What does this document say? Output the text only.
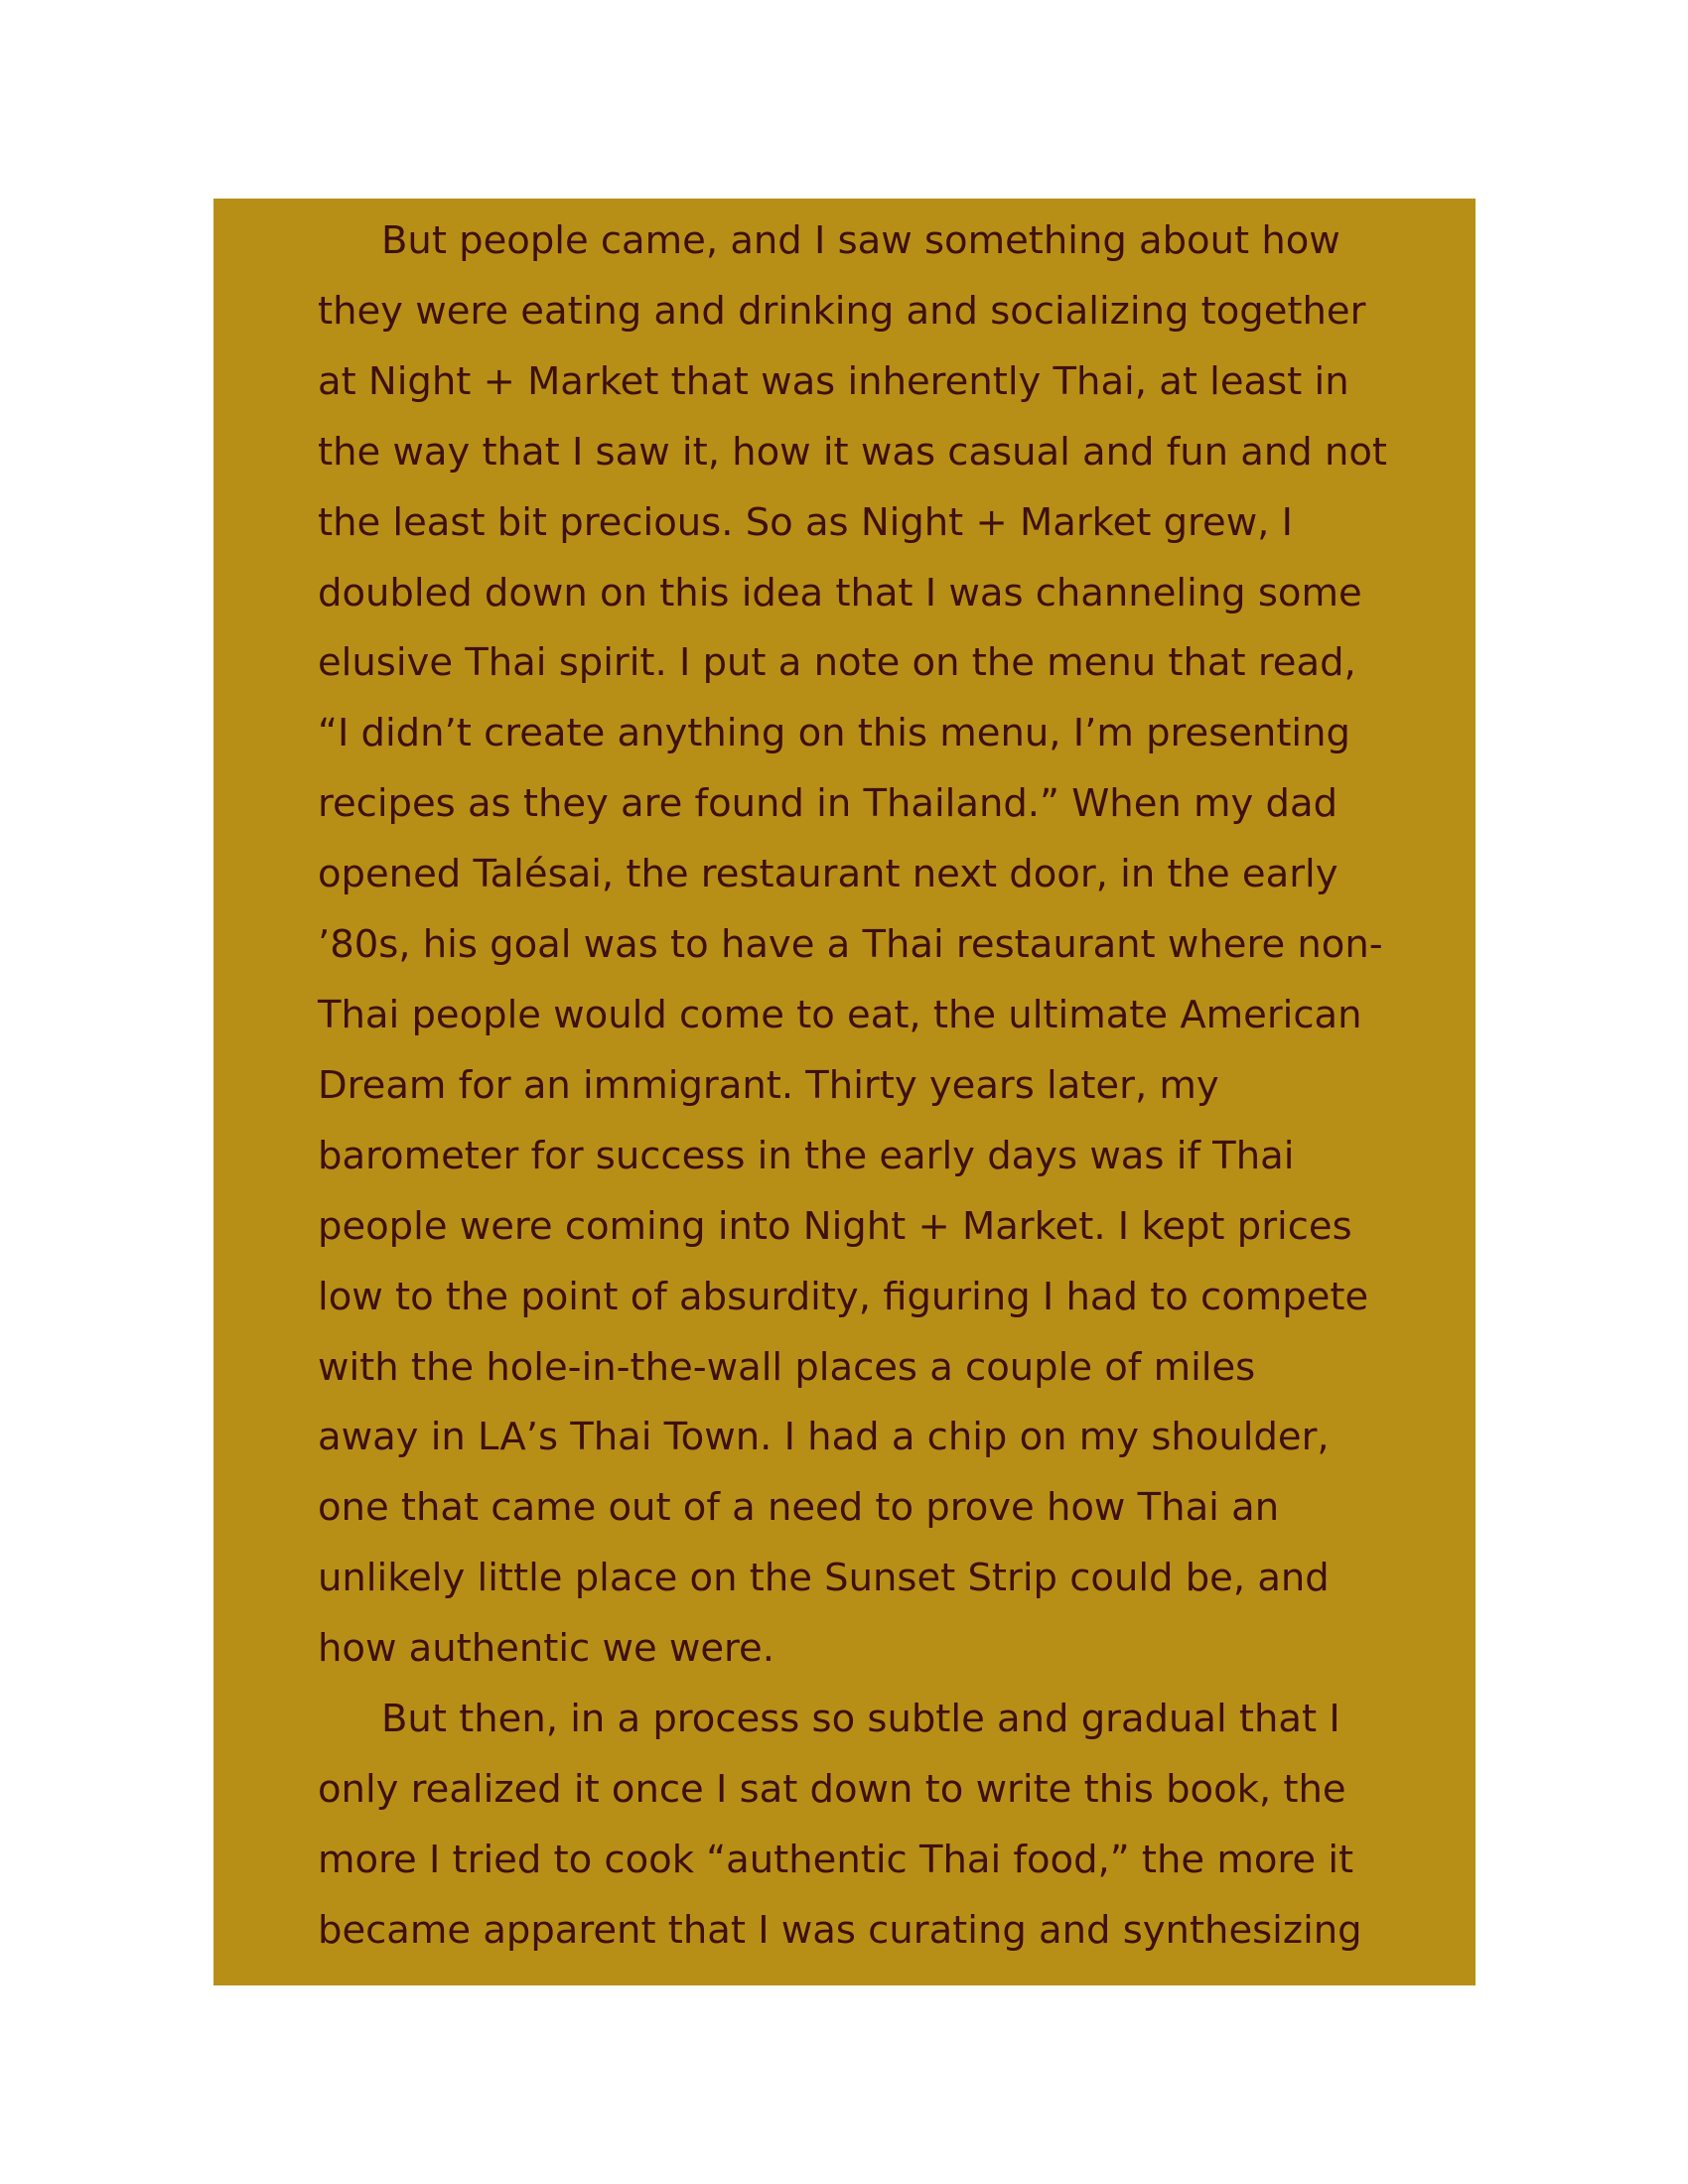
But people came, and I saw something about how
they were eating and drinking and socializing together
at Night + Market that was inherently Thai, at least in
the way that I saw it, how it was casual and fun and not
the least bit precious. So as Night + Market grew, I
doubled down on this idea that I was channeling some
elusive Thai spirit. I put a note on the menu that read,
“I didn’t create anything on this menu, I’m presenting
recipes as they are found in Thailand.” When my dad
opened Talésai, the restaurant next door, in the early
’80s, his goal was to have a Thai restaurant where non-
Thai people would come to eat, the ultimate American
Dream for an immigrant. Thirty years later, my
barometer for success in the early days was if Thai
people were coming into Night + Market. I kept prices
low to the point of absurdity, figuring I had to compete
with the hole-in-the-wall places a couple of miles
away in LA’s Thai Town. I had a chip on my shoulder,
one that came out of a need to prove how Thai an
unlikely little place on the Sunset Strip could be, and
how authentic we were.

But then, in a process so subtle and gradual that I
only realized it once I sat down to write this book, the
more I tried to cook “authentic Thai food,” the more it
became apparent that I was curating and synthesizing
